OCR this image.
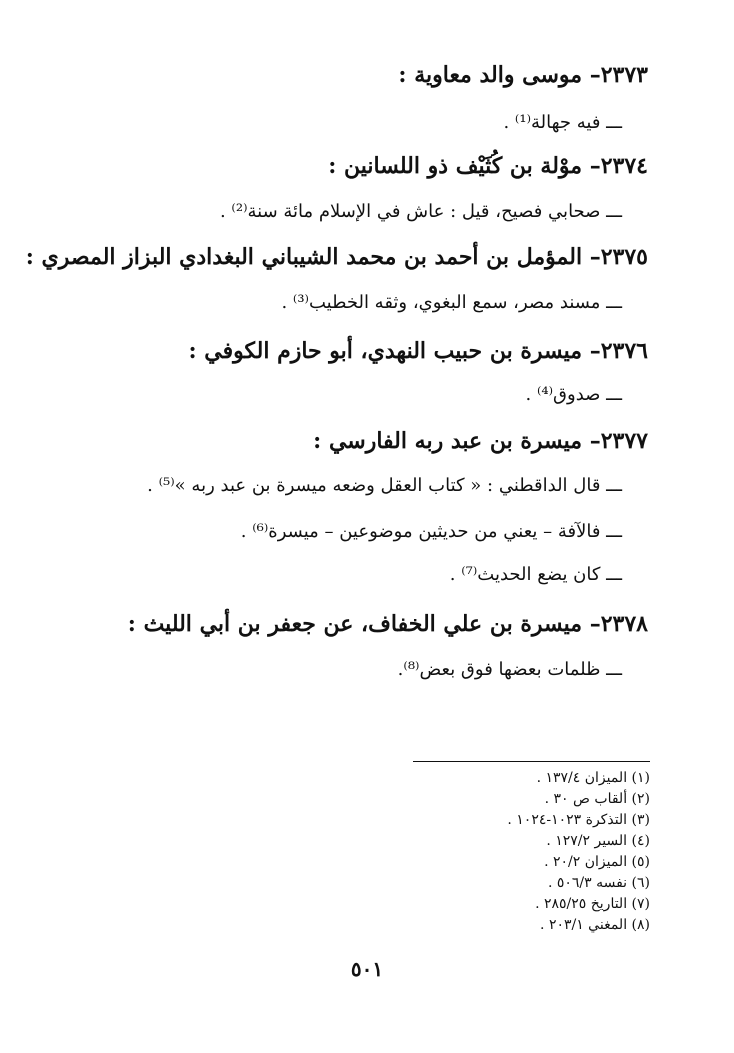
٢٣٧٣– موسى والد معاوية :
ـــ فيه جهالة⁽¹⁾ .
٢٣٧٤– موْلة بن كُثَيْف ذو اللسانين :
ـــ صحابي فصيح، قيل : عاش في الإسلام مائة سنة⁽²⁾ .
٢٣٧٥– المؤمل بن أحمد بن محمد الشيباني البغدادي البزاز المصري :
ـــ مسند مصر، سمع البغوي، وثقه الخطيب⁽³⁾ .
٢٣٧٦– ميسرة بن حبيب النهدي، أبو حازم الكوفي :
ـــ صدوق⁽⁴⁾ .
٢٣٧٧– ميسرة بن عبد ربه الفارسي :
ـــ قال الداقطني : « كتاب العقل وضعه ميسرة بن عبد ربه »⁽⁵⁾ .
ـــ فالآفة – يعني من حديثين موضوعين – ميسرة⁽⁶⁾ .
ـــ كان يضع الحديث⁽⁷⁾ .
٢٣٧٨– ميسرة بن علي الخفاف، عن جعفر بن أبي الليث :
ـــ ظلمات بعضها فوق بعض⁽⁸⁾.
(١) الميزان ١٣٧/٤ .
(٢) ألقاب ص ٣٠ .
(٣) التذكرة ١٠٢٣-١٠٢٤ .
(٤) السير ١٢٧/٢ .
(٥) الميزان ٢٠/٢ .
(٦) نفسه ٥٠٦/٣ .
(٧) التاريخ ٢٨٥/٢٥ .
(٨) المغني ٢٠٣/١ .
٥٠١
